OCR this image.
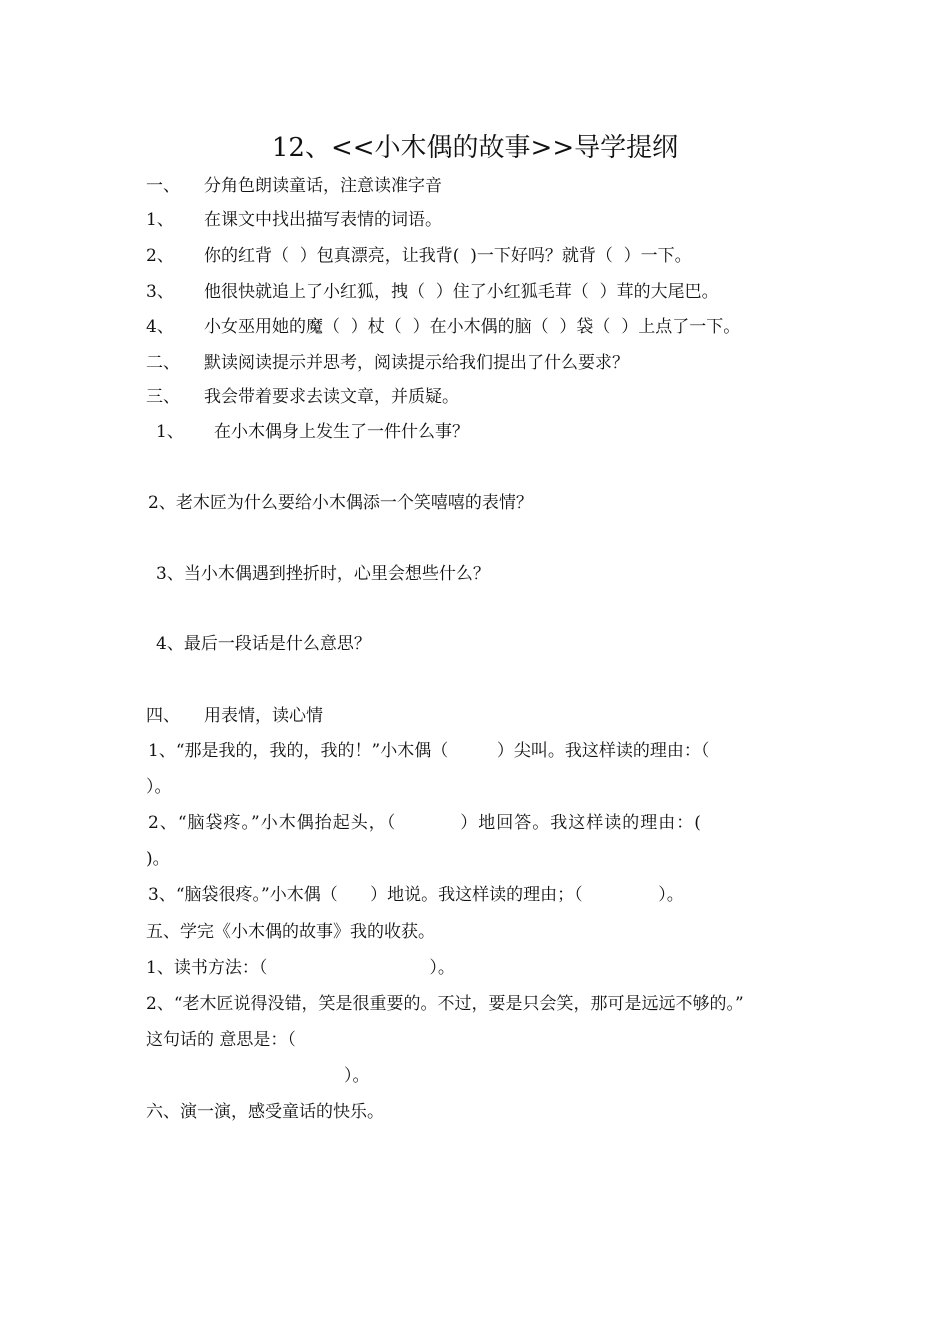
12、<<小木偶的故事>>导学提纲
一、 分角色朗读童话，注意读准字音
1、 在课文中找出描写表情的词语。
2、 你的红背（  ）包真漂亮，让我背(  )一下好吗？就背（  ）一下。
3、 他很快就追上了小红狐，拽（  ）住了小红狐毛茸（  ）茸的大尾巴。
4、 小女巫用她的魔（  ）杖（  ）在小木偶的脑（  ）袋（  ）上点了一下。
二、 默读阅读提示并思考，阅读提示给我们提出了什么要求？
三、 我会带着要求去读文章，并质疑。
1、 在小木偶身上发生了一件什么事？
2、老木匠为什么要给小木偶添一个笑嘻嘻的表情？
3、当小木偶遇到挫折时，心里会想些什么？
4、最后一段话是什么意思？
四、 用表情，读心情
1、“那是我的，我的，我的！”小木偶（         ）尖叫。我这样读的理由：（
）。
2、“脑袋疼。”小木偶抬起头，（          ）地回答。我这样读的理由：(
)。
3、“脑袋很疼。”小木偶（      ）地说。我这样读的理由；（              ）。
五、学完《小木偶的故事》我的收获。
1、读书方法：（                              ）。
2、“老木匠说得没错，笑是很重要的。不过，要是只会笑，那可是远远不够的。”
这句话的 意思是：（
）。
六、演一演，感受童话的快乐。
